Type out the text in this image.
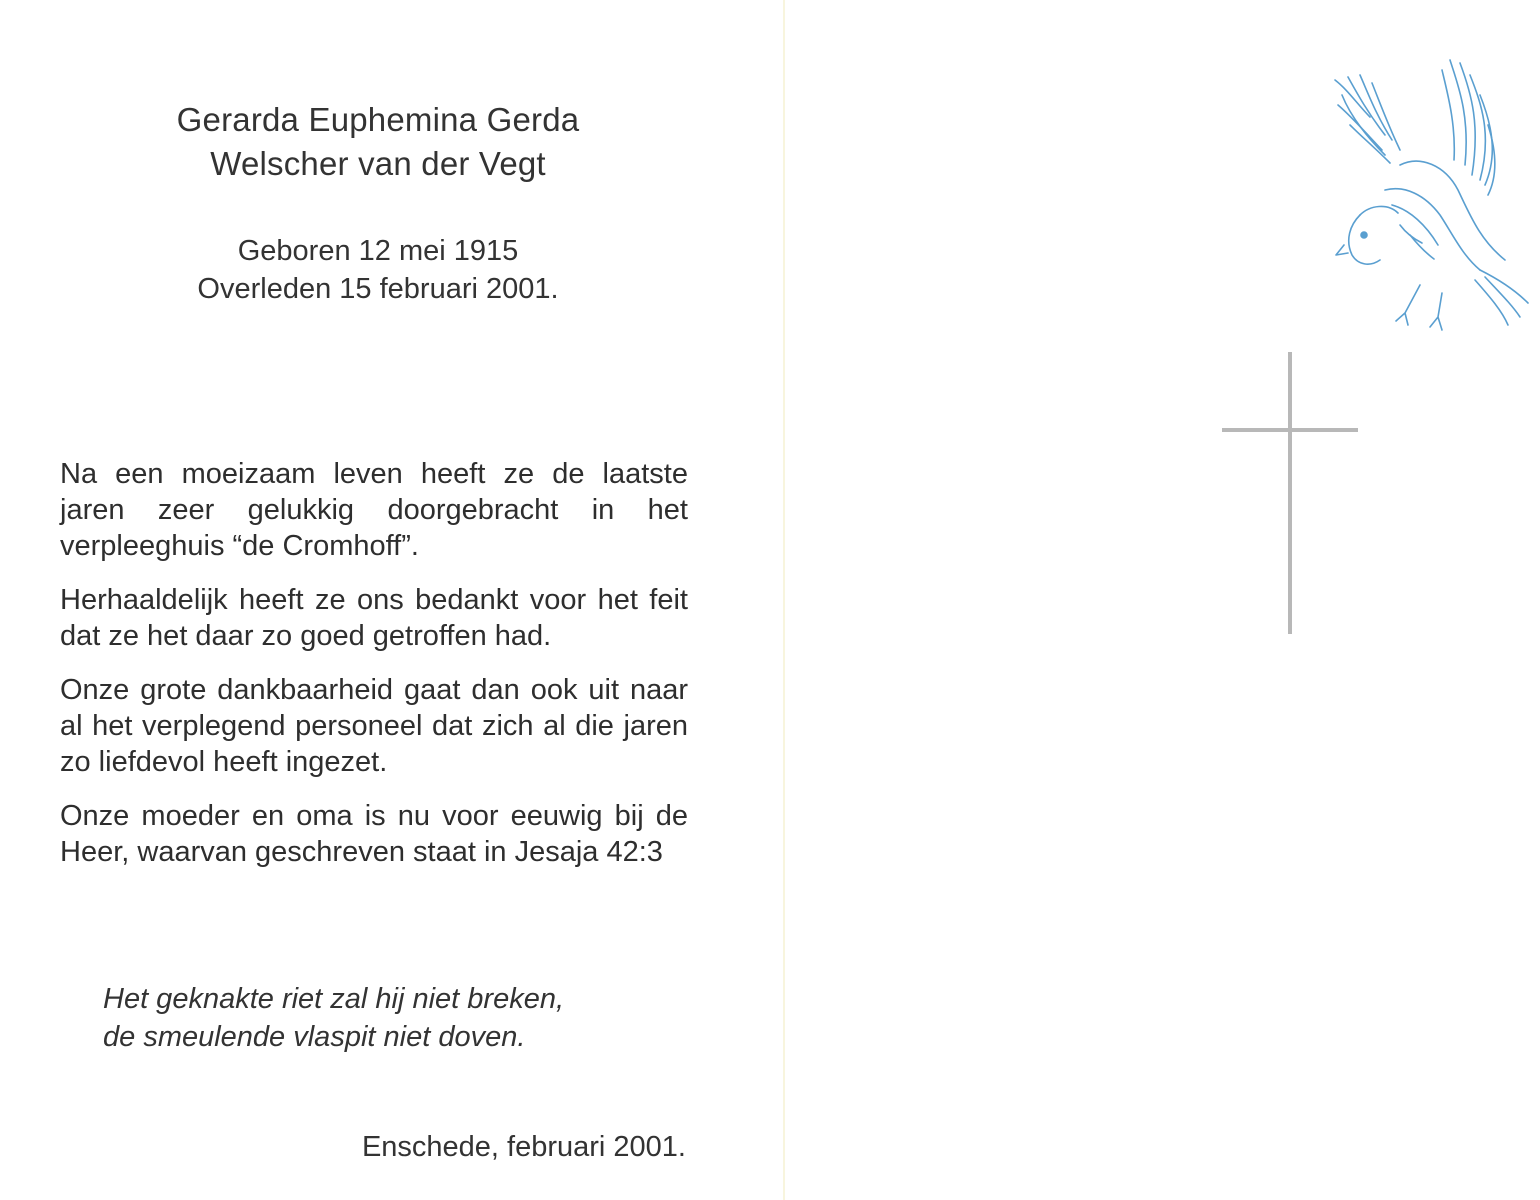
Gerarda Euphemina Gerda
Welscher van der Vegt
Geboren 12 mei 1915
Overleden 15 februari 2001.

Na een moeizaam leven heeft ze de laatste jaren zeer gelukkig doorgebracht in het verpleeghuis “de Cromhoff”.

Herhaaldelijk heeft ze ons bedankt voor het feit dat ze het daar zo goed getroffen had.

Onze grote dankbaarheid gaat dan ook uit naar al het verplegend personeel dat zich al die jaren zo liefdevol heeft ingezet.

Onze moeder en oma is nu voor eeuwig bij de Heer, waarvan geschreven staat in Jesaja 42:3

Het geknakte riet zal hij niet breken,
de smeulende vlaspit niet doven.
Enschede, februari 2001.
